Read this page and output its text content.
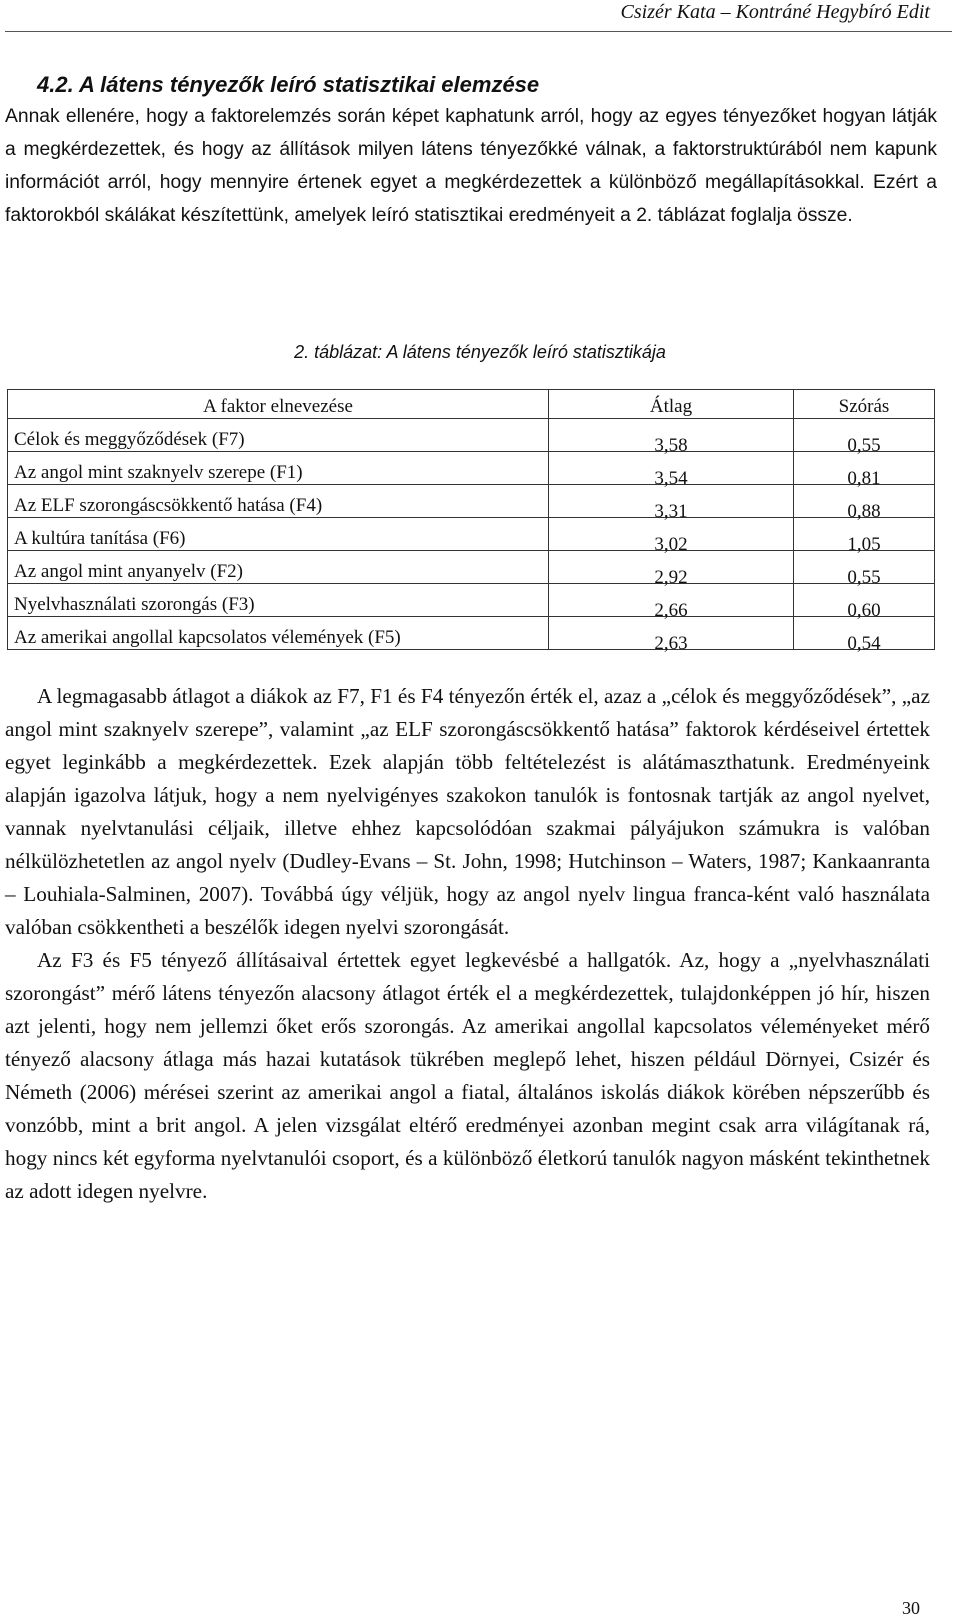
Csizér Kata – Kontráné Hegybíró Edit
4.2. A látens tényezők leíró statisztikai elemzése
Annak ellenére, hogy a faktorelemzés során képet kaphatunk arról, hogy az egyes tényezőket hogyan látják a megkérdezettek, és hogy az állítások milyen látens tényezőkké válnak, a faktorstruktúrából nem kapunk információt arról, hogy mennyire értenek egyet a megkérdezettek a különböző megállapításokkal. Ezért a faktorokból skálákat készítettünk, amelyek leíró statisztikai eredményeit a 2. táblázat foglalja össze.
2. táblázat: A látens tényezők leíró statisztikája
A faktor elnevezése	Átlag	Szórás
Célok és meggyőződések (F7)	3,58	0,55
Az angol mint szaknyelv szerepe (F1)	3,54	0,81
Az ELF szorongáscsökkentő hatása (F4)	3,31	0,88
A kultúra tanítása (F6)	3,02	1,05
Az angol mint anyanyelv (F2)	2,92	0,55
Nyelvhasználati szorongás (F3)	2,66	0,60
Az amerikai angollal kapcsolatos vélemények (F5)	2,63	0,54
A legmagasabb átlagot a diákok az F7, F1 és F4 tényezőn érték el, azaz a „célok és meggyőződések”, „az angol mint szaknyelv szerepe”, valamint „az ELF szorongáscsökkentő hatása” faktorok kérdéseivel értettek egyet leginkább a megkérdezettek. Ezek alapján több feltételezést is alátámaszthatunk. Eredményeink alapján igazolva látjuk, hogy a nem nyelvigényes szakokon tanulók is fontosnak tartják az angol nyelvet, vannak nyelvtanulási céljaik, illetve ehhez kapcsolódóan szakmai pályájukon számukra is valóban nélkülözhetetlen az angol nyelv (Dudley-Evans – St. John, 1998; Hutchinson – Waters, 1987; Kankaanranta – Louhiala-Salminen, 2007). Továbbá úgy véljük, hogy az angol nyelv lingua franca-ként való használata valóban csökkentheti a beszélők idegen nyelvi szorongását.
Az F3 és F5 tényező állításaival értettek egyet legkevésbé a hallgatók. Az, hogy a „nyelvhasználati szorongást” mérő látens tényezőn alacsony átlagot érték el a megkérdezettek, tulajdonképpen jó hír, hiszen azt jelenti, hogy nem jellemzi őket erős szorongás. Az amerikai angollal kapcsolatos véleményeket mérő tényező alacsony átlaga más hazai kutatások tükrében meglepő lehet, hiszen például Dörnyei, Csizér és Németh (2006) mérései szerint az amerikai angol a fiatal, általános iskolás diákok körében népszerűbb és vonzóbb, mint a brit angol. A jelen vizsgálat eltérő eredményei azonban megint csak arra világítanak rá, hogy nincs két egyforma nyelvtanulói csoport, és a különböző életkorú tanulók nagyon másként tekinthetnek az adott idegen nyelvre.
30
